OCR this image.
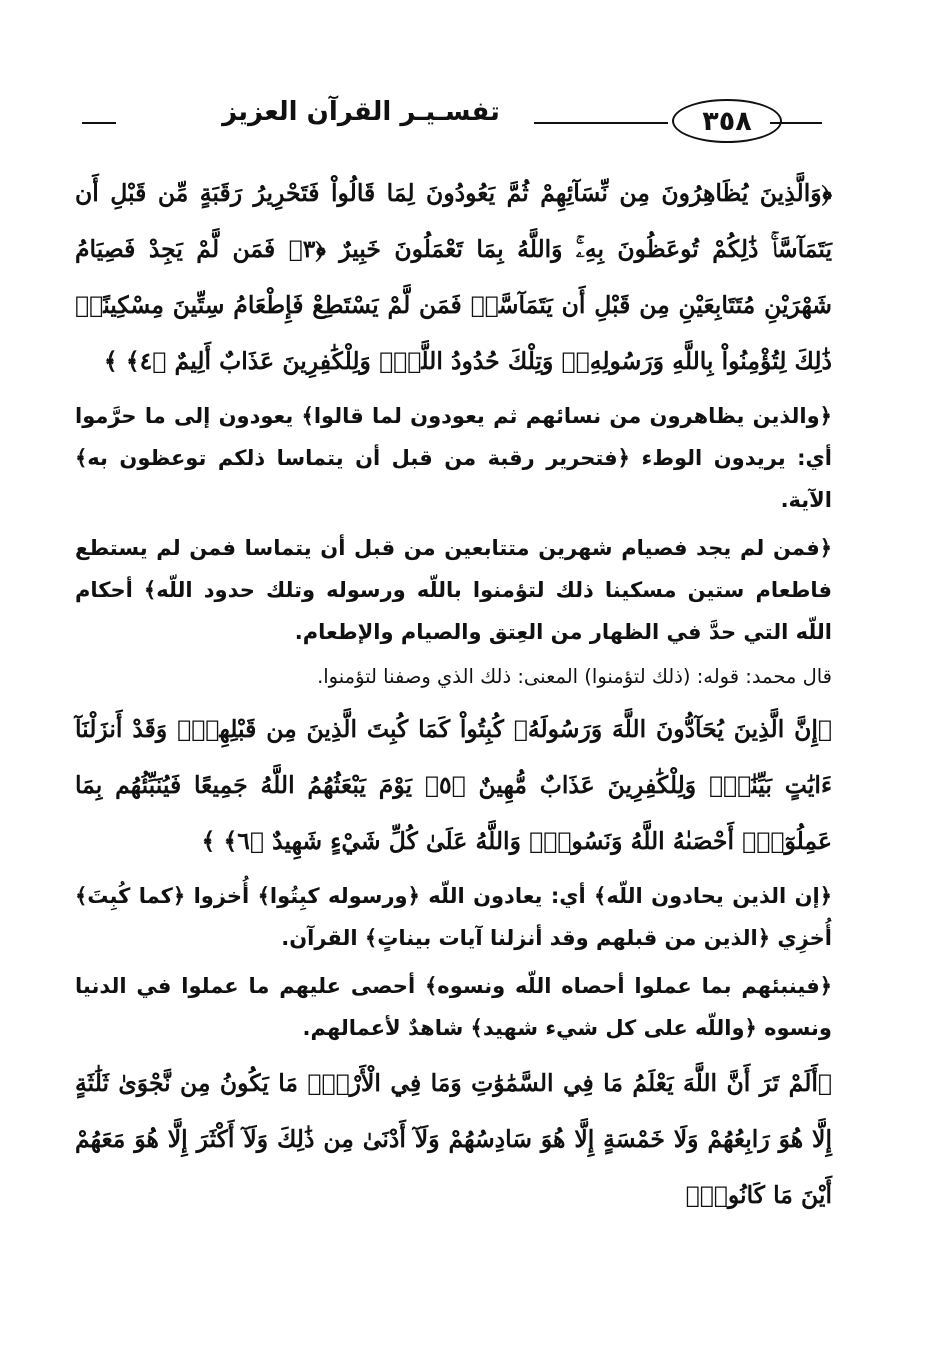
تفسـيـر القرآن العزيز	٣٥٨

﴿وَالَّذِينَ يُظَاهِرُونَ مِن نِّسَآئِهِمْ ثُمَّ يَعُودُونَ لِمَا قَالُواْ فَتَحْرِيرُ رَقَبَةٍ مِّن قَبْلِ أَن يَتَمَآسَّاۚ ذَٰلِكُمْ تُوعَظُونَ بِهِۦۚ وَاللَّهُ بِمَا تَعْمَلُونَ خَبِيرٌ ﴿٣﴾ فَمَن لَّمْ يَجِدْ فَصِيَامُ شَهْرَيْنِ مُتَتَابِعَيْنِ مِن قَبْلِ أَن يَتَمَآسَّاۖ فَمَن لَّمْ يَسْتَطِعْ فَإِطْعَامُ سِتِّينَ مِسْكِينًاۚ ذَٰلِكَ لِتُؤْمِنُواْ بِاللَّهِ وَرَسُولِهِۦۚ وَتِلْكَ حُدُودُ اللَّهِۗ وَلِلْكَٰفِرِينَ عَذَابٌ أَلِيمٌ ﴿٤﴾ ﴾

﴿والذين يظاهرون من نسائهم ثم يعودون لما قالوا﴾ يعودون إلى ما حرَّموا أي: يريدون الوطء ﴿فتحرير رقبة من قبل أن يتماسا ذلكم توعظون به﴾ الآية.

﴿فمن لم يجد فصيام شهرين متتابعين من قبل أن يتماسا فمن لم يستطع فاطعام ستين مسكينا ذلك لتؤمنوا باللّه ورسوله وتلك حدود اللّه﴾ أحكام اللّه التي حدَّ في الظهار من العِتق والصيام والإطعام.

قال محمد: قوله: (ذلك لتؤمنوا) المعنى: ذلك الذي وصفنا لتؤمنوا.

﴿إِنَّ الَّذِينَ يُحَآدُّونَ اللَّهَ وَرَسُولَهُۥ كُبِتُواْ كَمَا كُبِتَ الَّذِينَ مِن قَبْلِهِمْۚ وَقَدْ أَنزَلْنَآ ءَايَٰتٍ بَيِّنَٰتٍۚ وَلِلْكَٰفِرِينَ عَذَابٌ مُّهِينٌ ﴿٥﴾ يَوْمَ يَبْعَثُهُمُ اللَّهُ جَمِيعًا فَيُنَبِّئُهُم بِمَا عَمِلُوٓاْۚ أَحْصَىٰهُ اللَّهُ وَنَسُوهُۚ وَاللَّهُ عَلَىٰ كُلِّ شَيْءٍ شَهِيدٌ ﴿٦﴾ ﴾

﴿إن الذين يحادون اللّه﴾ أي: يعادون اللّه ﴿ورسوله كبِتُوا﴾ أُخزوا ﴿كما كُبِتَ﴾ أُخزِي ﴿الذين من قبلهم وقد أنزلنا آيات بيناتٍ﴾ القرآن.

﴿فينبئهم بما عملوا أحصاه اللّه ونسوه﴾ أحصى عليهم ما عملوا في الدنيا ونسوه ﴿واللّه على كل شيء شهيد﴾ شاهدٌ لأعمالهم.

﴿أَلَمْ تَرَ أَنَّ اللَّهَ يَعْلَمُ مَا فِي السَّمَٰوَٰتِ وَمَا فِي الْأَرْضِۖ مَا يَكُونُ مِن نَّجْوَىٰ ثَلَٰثَةٍ إِلَّا هُوَ رَابِعُهُمْ وَلَا خَمْسَةٍ إِلَّا هُوَ سَادِسُهُمْ وَلَآ أَدْنَىٰ مِن ذَٰلِكَ وَلَآ أَكْثَرَ إِلَّا هُوَ مَعَهُمْ أَيْنَ مَا كَانُواْۖ
